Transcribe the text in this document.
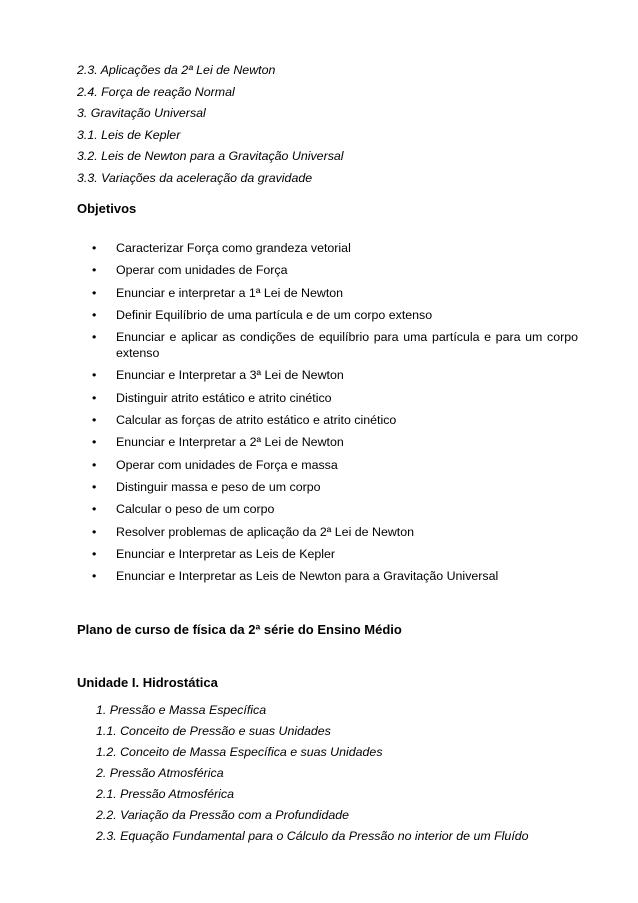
2.3. Aplicações da 2ª Lei de Newton
2.4. Força de reação Normal
3. Gravitação Universal
3.1. Leis de Kepler
3.2. Leis de Newton para a Gravitação Universal
3.3. Variações da aceleração da gravidade
Objetivos
• Caracterizar Força como grandeza vetorial
• Operar com unidades de Força
• Enunciar e interpretar a 1ª Lei de Newton
• Definir Equilíbrio de uma partícula e de um corpo extenso
• Enunciar e aplicar as condições de equilíbrio para uma partícula e para um corpo extenso
• Enunciar e Interpretar a 3ª Lei de Newton
• Distinguir atrito estático e atrito cinético
• Calcular as forças de atrito estático e atrito cinético
• Enunciar e Interpretar a 2ª Lei de Newton
• Operar com unidades de Força e massa
• Distinguir massa e peso de um corpo
• Calcular o peso de um corpo
• Resolver problemas de aplicação da 2ª Lei de Newton
• Enunciar e Interpretar as Leis de Kepler
• Enunciar e Interpretar as Leis de Newton para a Gravitação Universal
Plano de curso de física da 2ª série do Ensino Médio
Unidade I. Hidrostática
1. Pressão e Massa Específica
1.1. Conceito de Pressão e suas Unidades
1.2. Conceito de Massa Específica e suas Unidades
2. Pressão Atmosférica
2.1. Pressão Atmosférica
2.2. Variação da Pressão com a Profundidade
2.3. Equação Fundamental para o Cálculo da Pressão no interior de um Fluído
